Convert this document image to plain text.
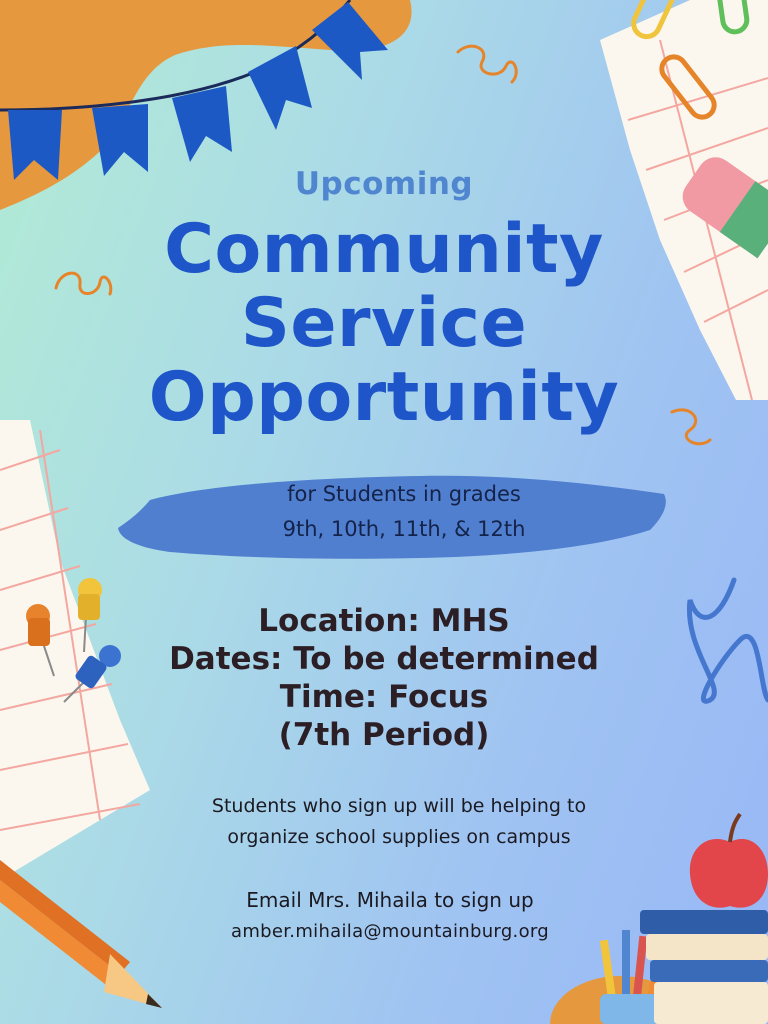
Upcoming

Community

Service

Opportunity

for Students in grades

9th, 10th, 11th, & 12th

Location: MHS

Dates: To be determined

Time: Focus

(7th Period)

Students who sign up will be helping to

organize school supplies on campus

Email Mrs. Mihaila to sign up

amber.mihaila@mountainburg.org
